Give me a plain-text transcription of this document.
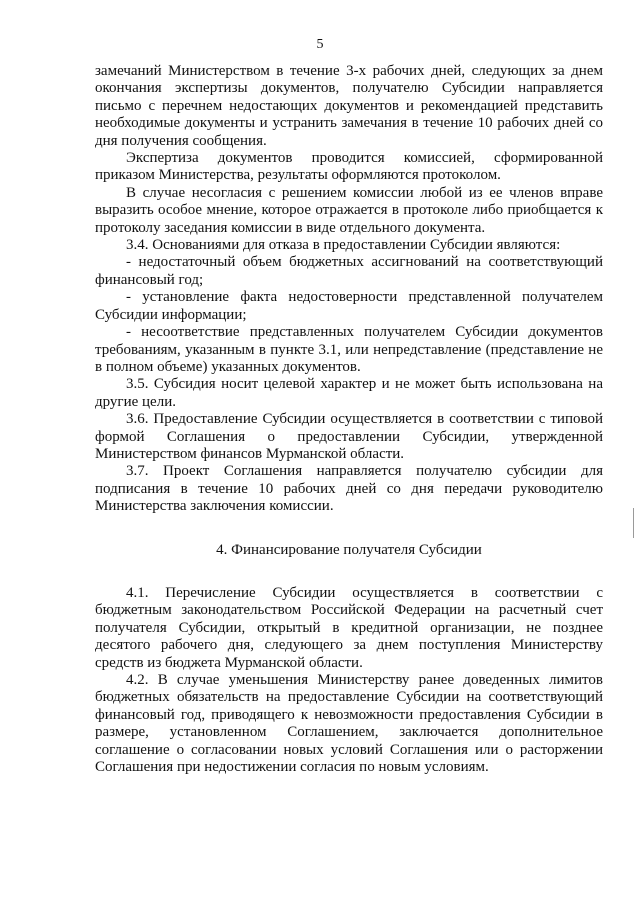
5

замечаний Министерством в течение 3-х рабочих дней, следующих за днем окончания экспертизы документов, получателю Субсидии направляется письмо с перечнем недостающих документов и рекомендацией представить необходимые документы и устранить замечания в течение 10 рабочих дней со дня получения сообщения.

Экспертиза документов проводится комиссией, сформированной приказом Министерства, результаты оформляются протоколом.

В случае несогласия с решением комиссии любой из ее членов вправе выразить особое мнение, которое отражается в протоколе либо приобщается к протоколу заседания комиссии в виде отдельного документа.

3.4. Основаниями для отказа в предоставлении Субсидии являются:

- недостаточный объем бюджетных ассигнований на соответствующий финансовый год;

- установление факта недостоверности представленной получателем Субсидии информации;

- несоответствие представленных получателем Субсидии документов требованиям, указанным в пункте 3.1, или непредставление (представление не в полном объеме) указанных документов.

3.5. Субсидия носит целевой характер и не может быть использована на другие цели.

3.6. Предоставление Субсидии осуществляется в соответствии с типовой формой Соглашения о предоставлении Субсидии, утвержденной Министерством финансов Мурманской области.

3.7. Проект Соглашения направляется получателю субсидии для подписания в течение 10 рабочих дней со дня передачи руководителю Министерства заключения комиссии.

4. Финансирование получателя Субсидии

4.1. Перечисление Субсидии осуществляется в соответствии с бюджетным законодательством Российской Федерации на расчетный счет получателя Субсидии, открытый в кредитной организации, не позднее десятого рабочего дня, следующего за днем поступления Министерству средств из бюджета Мурманской области.

4.2. В случае уменьшения Министерству ранее доведенных лимитов бюджетных обязательств на предоставление Субсидии на соответствующий финансовый год, приводящего к невозможности предоставления Субсидии в размере, установленном Соглашением, заключается дополнительное соглашение о согласовании новых условий Соглашения или о расторжении Соглашения при недостижении согласия по новым условиям.
